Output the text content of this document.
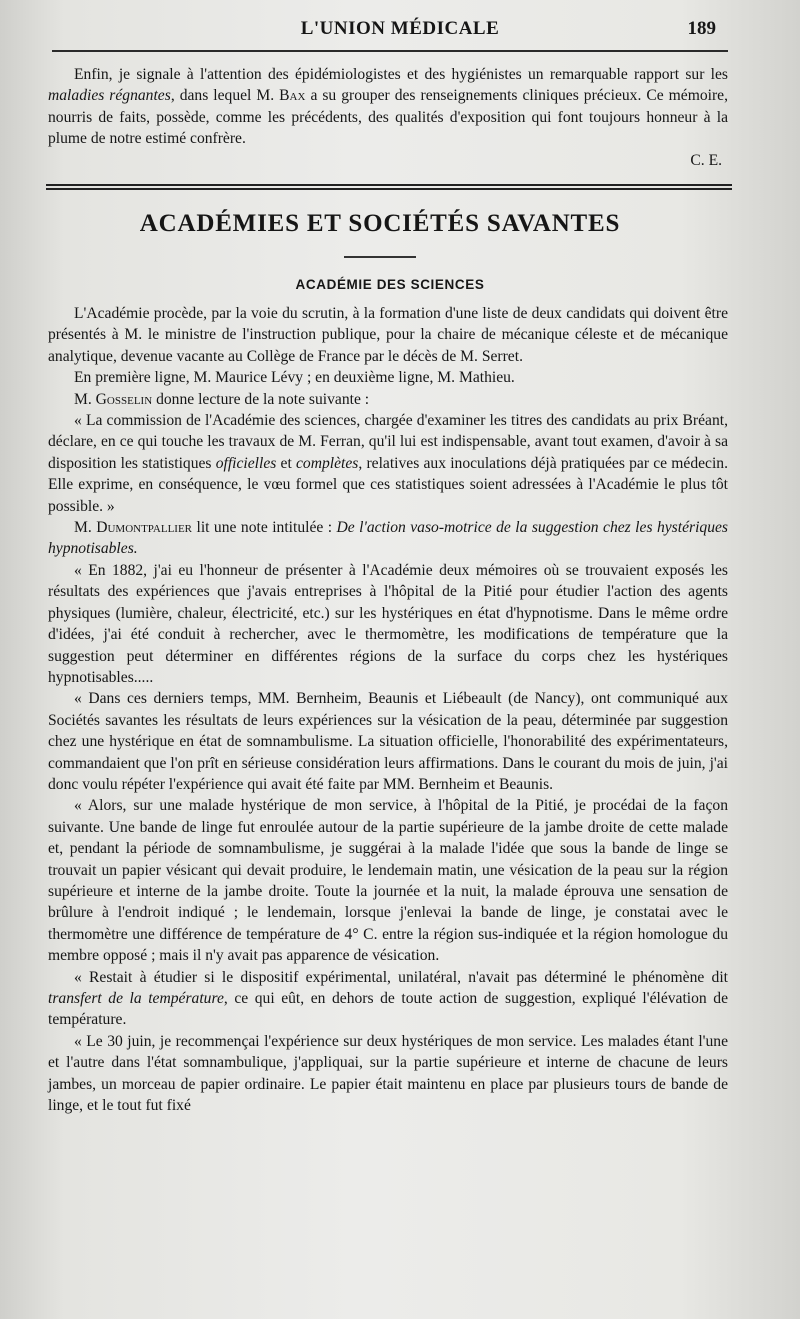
L'UNION MÉDICALE	189

Enfin, je signale à l'attention des épidémiologistes et des hygiénistes un remarquable rapport sur les maladies régnantes, dans lequel M. Bax a su grouper des renseignements cliniques précieux. Ce mémoire, nourris de faits, possède, comme les précédents, des qualités d'exposition qui font toujours honneur à la plume de notre estimé confrère.

C. E.
ACADÉMIES ET SOCIÉTÉS SAVANTES
ACADÉMIE DES SCIENCES

L'Académie procède, par la voie du scrutin, à la formation d'une liste de deux candidats qui doivent être présentés à M. le ministre de l'instruction publique, pour la chaire de mécanique céleste et de mécanique analytique, devenue vacante au Collège de France par le décès de M. Serret.

En première ligne, M. Maurice Lévy ; en deuxième ligne, M. Mathieu.

M. Gosselin donne lecture de la note suivante :

« La commission de l'Académie des sciences, chargée d'examiner les titres des candidats au prix Bréant, déclare, en ce qui touche les travaux de M. Ferran, qu'il lui est indispensable, avant tout examen, d'avoir à sa disposition les statistiques officielles et complètes, relatives aux inoculations déjà pratiquées par ce médecin. Elle exprime, en conséquence, le vœu formel que ces statistiques soient adressées à l'Académie le plus tôt possible. »

M. Dumontpallier lit une note intitulée : De l'action vaso-motrice de la suggestion chez les hystériques hypnotisables.

« En 1882, j'ai eu l'honneur de présenter à l'Académie deux mémoires où se trouvaient exposés les résultats des expériences que j'avais entreprises à l'hôpital de la Pitié pour étudier l'action des agents physiques (lumière, chaleur, électricité, etc.) sur les hystériques en état d'hypnotisme. Dans le même ordre d'idées, j'ai été conduit à rechercher, avec le thermomètre, les modifications de température que la suggestion peut déterminer en différentes régions de la surface du corps chez les hystériques hypnotisables.....

« Dans ces derniers temps, MM. Bernheim, Beaunis et Liébeault (de Nancy), ont communiqué aux Sociétés savantes les résultats de leurs expériences sur la vésication de la peau, déterminée par suggestion chez une hystérique en état de somnambulisme. La situation officielle, l'honorabilité des expérimentateurs, commandaient que l'on prît en sérieuse considération leurs affirmations. Dans le courant du mois de juin, j'ai donc voulu répéter l'expérience qui avait été faite par MM. Bernheim et Beaunis.

« Alors, sur une malade hystérique de mon service, à l'hôpital de la Pitié, je procédai de la façon suivante. Une bande de linge fut enroulée autour de la partie supérieure de la jambe droite de cette malade et, pendant la période de somnambulisme, je suggérai à la malade l'idée que sous la bande de linge se trouvait un papier vésicant qui devait produire, le lendemain matin, une vésication de la peau sur la région supérieure et interne de la jambe droite. Toute la journée et la nuit, la malade éprouva une sensation de brûlure à l'endroit indiqué ; le lendemain, lorsque j'enlevai la bande de linge, je constatai avec le thermomètre une différence de température de 4° C. entre la région sus-indiquée et la région homologue du membre opposé ; mais il n'y avait pas apparence de vésication.

« Restait à étudier si le dispositif expérimental, unilatéral, n'avait pas déterminé le phénomène dit transfert de la température, ce qui eût, en dehors de toute action de suggestion, expliqué l'élévation de température.

« Le 30 juin, je recommençai l'expérience sur deux hystériques de mon service. Les malades étant l'une et l'autre dans l'état somnambulique, j'appliquai, sur la partie supérieure et interne de chacune de leurs jambes, un morceau de papier ordinaire. Le papier était maintenu en place par plusieurs tours de bande de linge, et le tout fut fixé
